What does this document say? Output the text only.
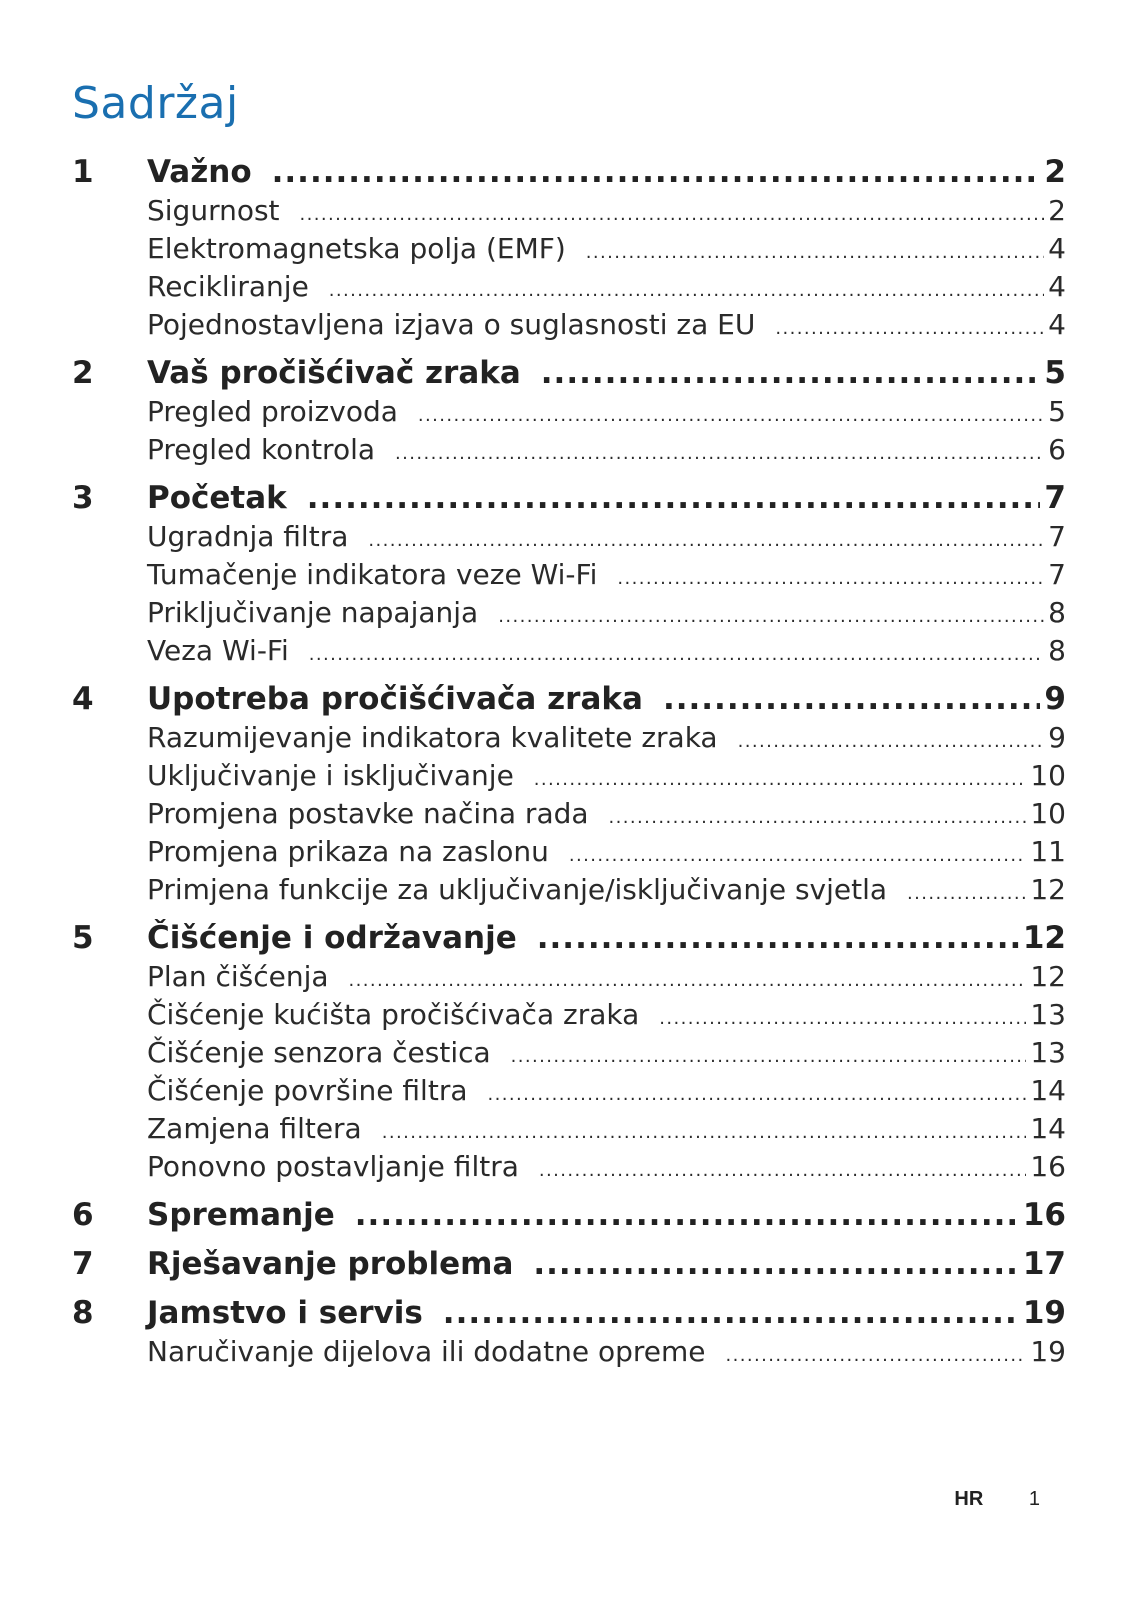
Sadržaj
1	Važno .....	2
Sigurnost .....	2
Elektromagnetska polja (EMF) .....	4
Recikliranje .....	4
Pojednostavljena izjava o suglasnosti za EU .....	4
2	Vaš pročišćivač zraka .....	5
Pregled proizvoda .....	5
Pregled kontrola .....	6
3	Početak .....	7
Ugradnja filtra .....	7
Tumačenje indikatora veze Wi-Fi .....	7
Priključivanje napajanja .....	8
Veza Wi-Fi .....	8
4	Upotreba pročišćivača zraka .....	9
Razumijevanje indikatora kvalitete zraka .....	9
Uključivanje i isključivanje .....	10
Promjena postavke načina rada .....	10
Promjena prikaza na zaslonu .....	11
Primjena funkcije za uključivanje/isključivanje svjetla .....	12
5	Čišćenje i održavanje .....	12
Plan čišćenja .....	12
Čišćenje kućišta pročišćivača zraka .....	13
Čišćenje senzora čestica .....	13
Čišćenje površine filtra .....	14
Zamjena filtera .....	14
Ponovno postavljanje filtra .....	16
6	Spremanje .....	16
7	Rješavanje problema .....	17
8	Jamstvo i servis .....	19
Naručivanje dijelova ili dodatne opreme .....	19
HR 1
